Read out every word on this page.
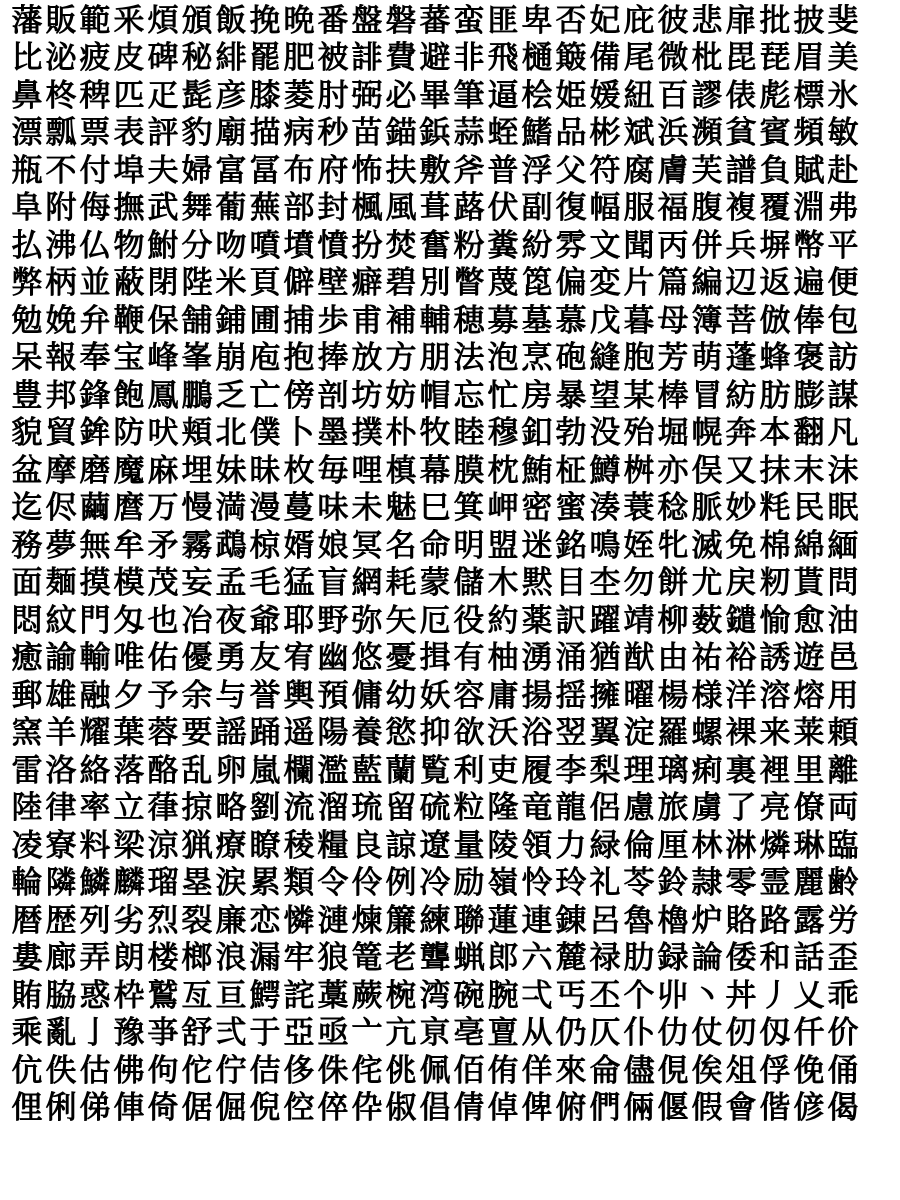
藩 販 範 釆 煩 頒 飯 挽 晩 番 盤 磐 蕃 蛮 匪 卑 否 妃 庇 彼 悲 扉 批 披 斐
比 泌 疲 皮 碑 秘 緋 罷 肥 被 誹 費 避 非 飛 樋 簸 備 尾 微 枇 毘 琵 眉 美
鼻 柊 稗 匹 疋 髭 彦 膝 菱 肘 弼 必 畢 筆 逼 桧 姫 媛 紐 百 謬 俵 彪 標 氷
漂 瓢 票 表 評 豹 廟 描 病 秒 苗 錨 鋲 蒜 蛭 鰭 品 彬 斌 浜 瀕 貧 賓 頻 敏
瓶 不 付 埠 夫 婦 富 冨 布 府 怖 扶 敷 斧 普 浮 父 符 腐 膚 芙 譜 負 賦 赴
阜 附 侮 撫 武 舞 葡 蕪 部 封 楓 風 葺 蕗 伏 副 復 幅 服 福 腹 複 覆 淵 弗
払 沸 仏 物 鮒 分 吻 噴 墳 憤 扮 焚 奮 粉 糞 紛 雰 文 聞 丙 併 兵 塀 幣 平
弊 柄 並 蔽 閉 陛 米 頁 僻 壁 癖 碧 別 瞥 蔑 箆 偏 変 片 篇 編 辺 返 遍 便
勉 娩 弁 鞭 保 舗 鋪 圃 捕 歩 甫 補 輔 穂 募 墓 慕 戊 暮 母 簿 菩 倣 俸 包
呆 報 奉 宝 峰 峯 崩 庖 抱 捧 放 方 朋 法 泡 烹 砲 縫 胞 芳 萌 蓬 蜂 褒 訪
豊 邦 鋒 飽 鳳 鵬 乏 亡 傍 剖 坊 妨 帽 忘 忙 房 暴 望 某 棒 冒 紡 肪 膨 謀
貌 貿 鉾 防 吠 頬 北 僕 卜 墨 撲 朴 牧 睦 穆 釦 勃 没 殆 堀 幌 奔 本 翻 凡
盆 摩 磨 魔 麻 埋 妹 昧 枚 毎 哩 槙 幕 膜 枕 鮪 柾 鱒 桝 亦 俣 又 抹 末 沫
迄 侭 繭 麿 万 慢 満 漫 蔓 味 未 魅 巳 箕 岬 密 蜜 湊 蓑 稔 脈 妙 粍 民 眠
務 夢 無 牟 矛 霧 鵡 椋 婿 娘 冥 名 命 明 盟 迷 銘 鳴 姪 牝 滅 免 棉 綿 緬
面 麺 摸 模 茂 妄 孟 毛 猛 盲 網 耗 蒙 儲 木 黙 目 杢 勿 餅 尤 戻 籾 貰 問
悶 紋 門 匁 也 冶 夜 爺 耶 野 弥 矢 厄 役 約 薬 訳 躍 靖 柳 薮 鑓 愉 愈 油
癒 諭 輸 唯 佑 優 勇 友 宥 幽 悠 憂 揖 有 柚 湧 涌 猶 猷 由 祐 裕 誘 遊 邑
郵 雄 融 夕 予 余 与 誉 輿 預 傭 幼 妖 容 庸 揚 揺 擁 曜 楊 様 洋 溶 熔 用
窯 羊 耀 葉 蓉 要 謡 踊 遥 陽 養 慾 抑 欲 沃 浴 翌 翼 淀 羅 螺 裸 来 莱 頼
雷 洛 絡 落 酪 乱 卵 嵐 欄 濫 藍 蘭 覧 利 吏 履 李 梨 理 璃 痢 裏 裡 里 離
陸 律 率 立 葎 掠 略 劉 流 溜 琉 留 硫 粒 隆 竜 龍 侶 慮 旅 虜 了 亮 僚 両
凌 寮 料 梁 涼 猟 療 瞭 稜 糧 良 諒 遼 量 陵 領 力 緑 倫 厘 林 淋 燐 琳 臨
輪 隣 鱗 麟 瑠 塁 涙 累 類 令 伶 例 冷 励 嶺 怜 玲 礼 苓 鈴 隷 零 霊 麗 齢
暦 歴 列 劣 烈 裂 廉 恋 憐 漣 煉 簾 練 聯 蓮 連 錬 呂 魯 櫓 炉 賂 路 露 労
婁 廊 弄 朗 楼 榔 浪 漏 牢 狼 篭 老 聾 蝋 郎 六 麓 禄 肋 録 論 倭 和 話 歪
賄 脇 惑 枠 鷲 亙 亘 鰐 詫 藁 蕨 椀 湾 碗 腕 弌 丐 丕 个 丱 丶 丼 丿 乂 乖
乘 亂 亅 豫 亊 舒 弍 于 亞 亟 亠 亢 亰 亳 亶 从 仍 仄 仆 仂 仗 仞 仭 仟 价
伉 佚 估 佛 佝 佗 佇 佶 侈 侏 侘 佻 佩 佰 侑 佯 來 侖 儘 俔 俟 俎 俘 俛 俑
俚 俐 俤 俥 倚 倨 倔 倪 倥 倅 伜 俶 倡 倩 倬 俾 俯 們 倆 偃 假 會 偕 偐 偈
